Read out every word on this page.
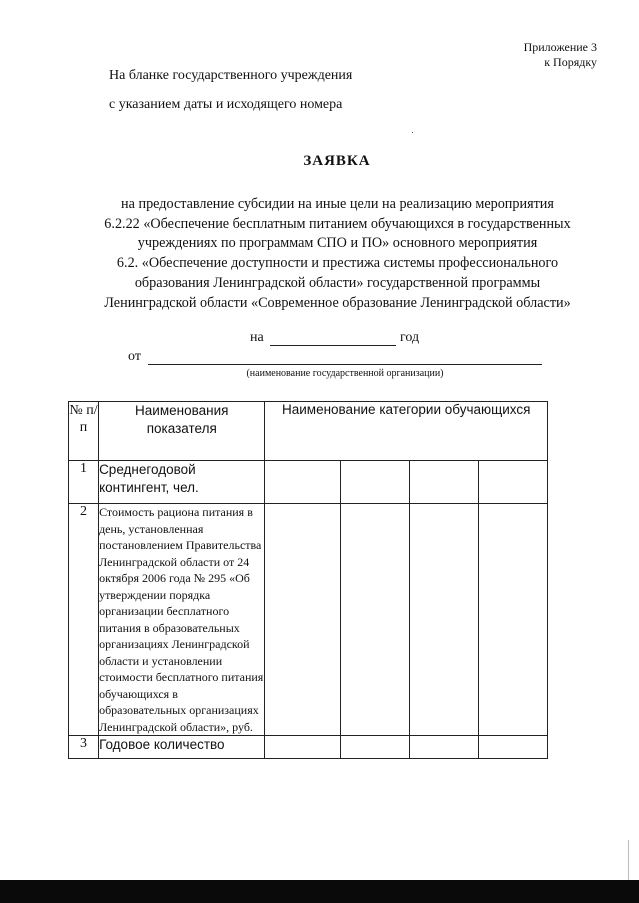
Приложение 3
к Порядку
На бланке государственного учреждения
с указанием даты и исходящего номера
ЗАЯВКА
на предоставление субсидии на иные цели на реализацию мероприятия
6.2.22 «Обеспечение бесплатным питанием обучающихся в государственных
учреждениях по программам СПО и ПО» основного мероприятия
6.2. «Обеспечение доступности и престижа системы профессионального
образования Ленинградской области» государственной программы
Ленинградской области «Современное образование Ленинградской области»
на	год
от
(наименование государственной организации)
№ п/п	Наименования показателя	Наименование категории обучающихся			
1	Среднегодовой контингент, чел.				
2	Стоимость рациона питания в день, установленная постановлением Правительства Ленинградской области от 24 октября 2006 года № 295 «Об утверждении порядка организации бесплатного питания в образовательных организациях Ленинградской области и установлении стоимости бесплатного питания обучающихся в образовательных организациях Ленинградской области», руб.				
3	Годовое количество				
